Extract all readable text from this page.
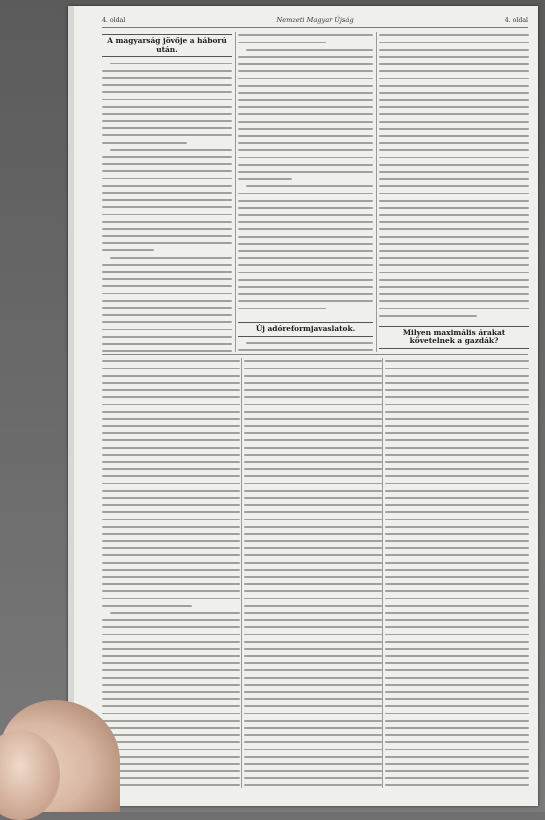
4. oldal	Nemzeti Magyar Újság	4. oldal
A magyarság jövője a háború után.
Új adóreformjavaslatok.	Milyen maximális árakat követelnek a gazdák?
